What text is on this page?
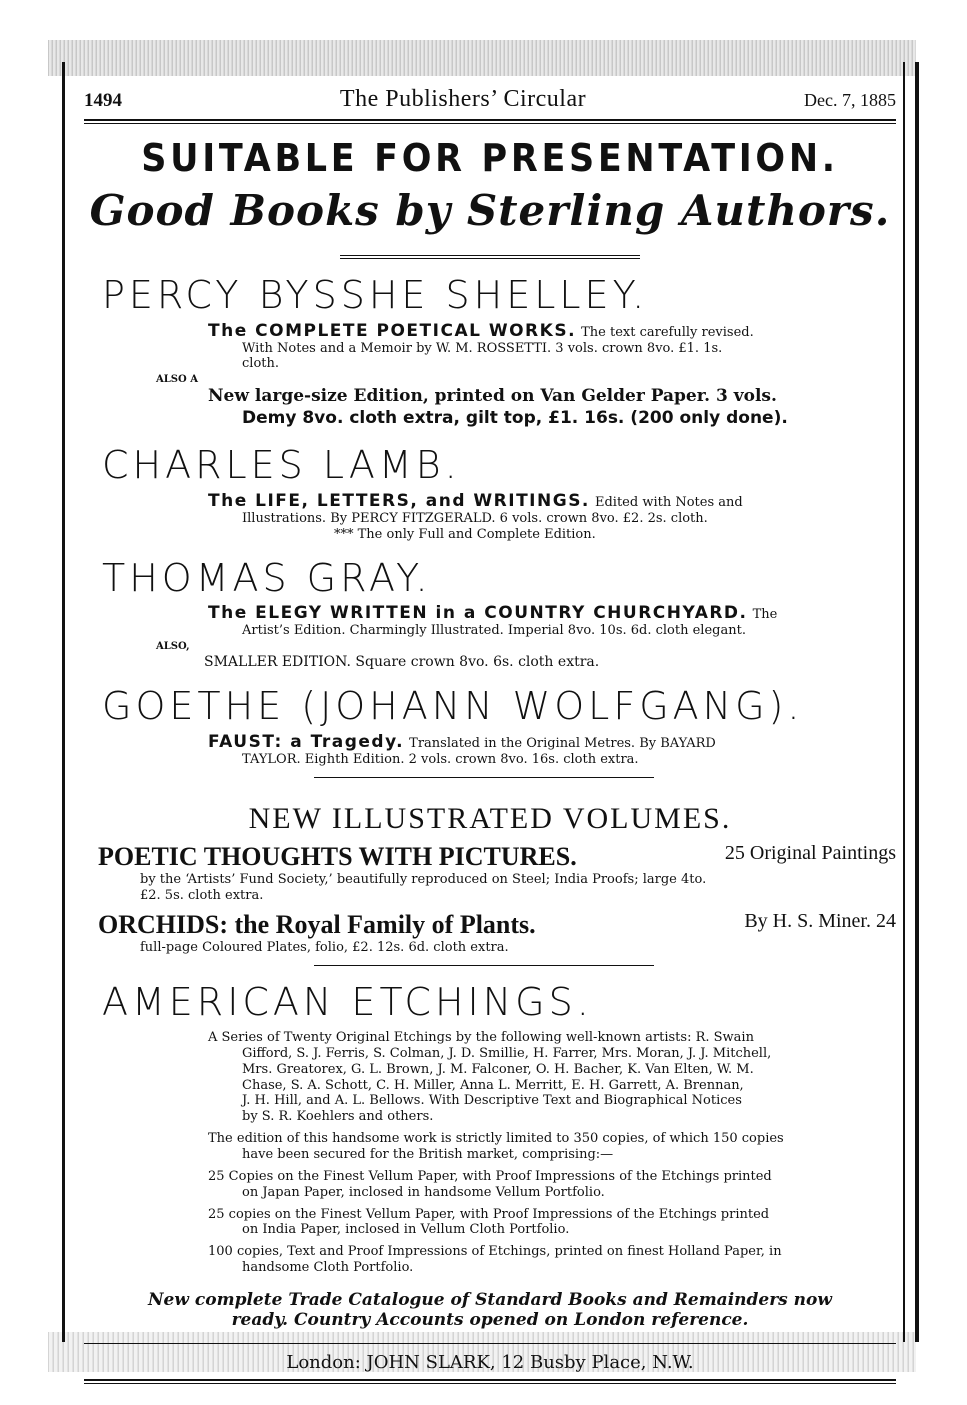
1494	The Publishers’ Circular	Dec. 7, 1885
SUITABLE FOR PRESENTATION.
Good Books by Sterling Authors.
PERCY BYSSHE SHELLEY.
The COMPLETE POETICAL WORKS. The text carefully revised.
With Notes and a Memoir by W. M. ROSSETTI. 3 vols. crown 8vo. £1. 1s.
cloth.
ALSO A
New large-size Edition, printed on Van Gelder Paper. 3 vols.
Demy 8vo. cloth extra, gilt top, £1. 16s. (200 only done).
CHARLES LAMB.
The LIFE, LETTERS, and WRITINGS. Edited with Notes and
Illustrations. By PERCY FITZGERALD. 6 vols. crown 8vo. £2. 2s. cloth.
*** The only Full and Complete Edition.
THOMAS GRAY.
The ELEGY WRITTEN in a COUNTRY CHURCHYARD. The
Artist’s Edition. Charmingly Illustrated. Imperial 8vo. 10s. 6d. cloth elegant.
ALSO,
SMALLER EDITION. Square crown 8vo. 6s. cloth extra.
GOETHE (JOHANN WOLFGANG).
FAUST: a Tragedy. Translated in the Original Metres. By BAYARD
TAYLOR. Eighth Edition. 2 vols. crown 8vo. 16s. cloth extra.
NEW ILLUSTRATED VOLUMES.
25 Original Paintings
POETIC THOUGHTS WITH PICTURES.
by the ‘Artists’ Fund Society,’ beautifully reproduced on Steel; India Proofs; large 4to.
£2. 5s. cloth extra.
By H. S. Miner. 24
ORCHIDS: the Royal Family of Plants.
full-page Coloured Plates, folio, £2. 12s. 6d. cloth extra.
AMERICAN ETCHINGS.
A Series of Twenty Original Etchings by the following well-known artists: R. Swain
Gifford, S. J. Ferris, S. Colman, J. D. Smillie, H. Farrer, Mrs. Moran, J. J. Mitchell,
Mrs. Greatorex, G. L. Brown, J. M. Falconer, O. H. Bacher, K. Van Elten, W. M.
Chase, S. A. Schott, C. H. Miller, Anna L. Merritt, E. H. Garrett, A. Brennan,
J. H. Hill, and A. L. Bellows. With Descriptive Text and Biographical Notices
by S. R. Koehlers and others.
The edition of this handsome work is strictly limited to 350 copies, of which 150 copies
have been secured for the British market, comprising:—
25 Copies on the Finest Vellum Paper, with Proof Impressions of the Etchings printed
on Japan Paper, inclosed in handsome Vellum Portfolio.
25 copies on the Finest Vellum Paper, with Proof Impressions of the Etchings printed
on India Paper, inclosed in Vellum Cloth Portfolio.
100 copies, Text and Proof Impressions of Etchings, printed on finest Holland Paper, in
handsome Cloth Portfolio.
New complete Trade Catalogue of Standard Books and Remainders now
ready. Country Accounts opened on London reference.
London: JOHN SLARK, 12 Busby Place, N.W.
